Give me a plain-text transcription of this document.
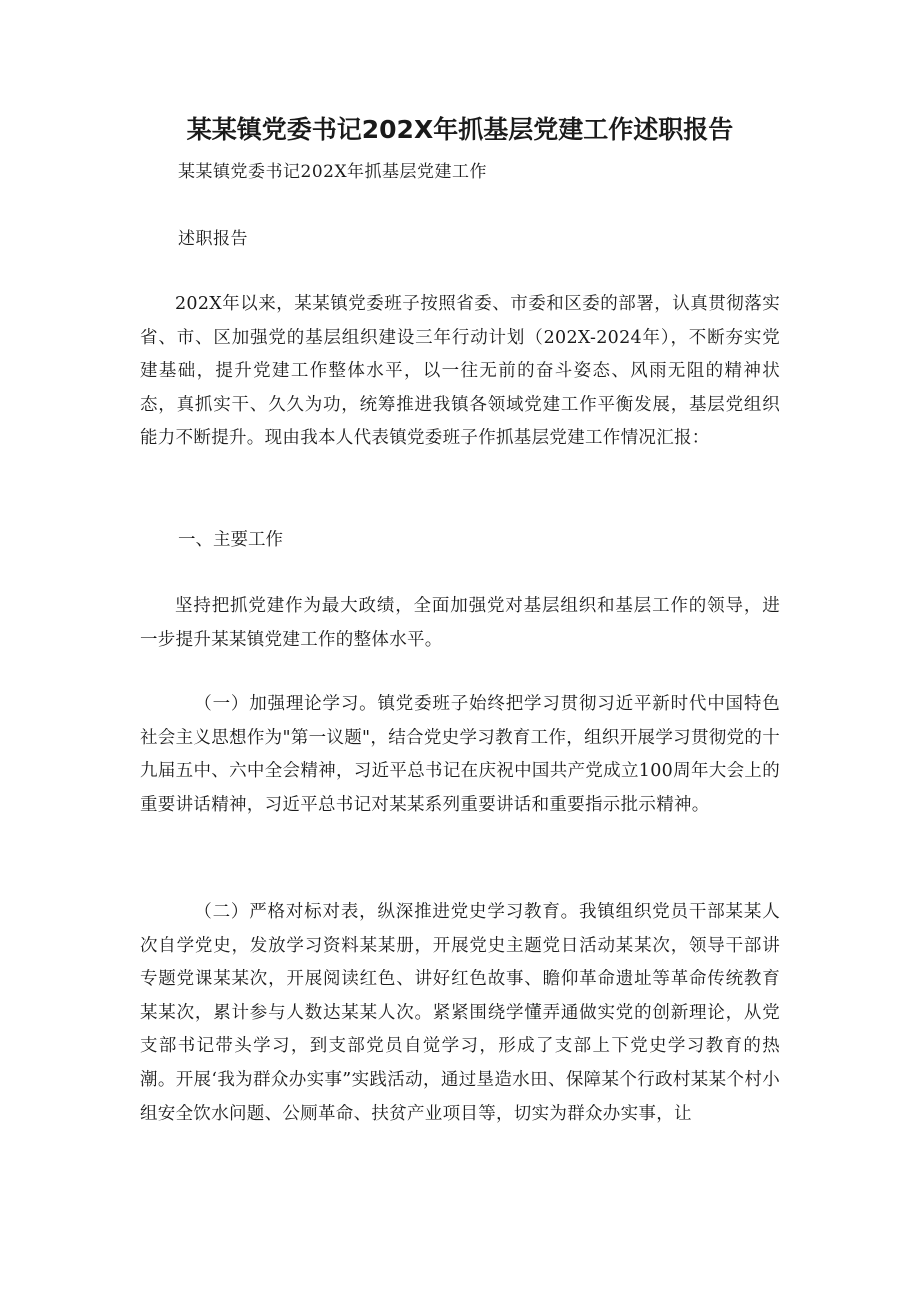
某某镇党委书记202X年抓基层党建工作述职报告

某某镇党委书记202X年抓基层党建工作

述职报告

202X年以来，某某镇党委班子按照省委、市委和区委的部署，认真贯彻落实省、市、区加强党的基层组织建设三年行动计划（202X-2024年），不断夯实党建基础，提升党建工作整体水平，以一往无前的奋斗姿态、风雨无阻的精神状态，真抓实干、久久为功，统筹推进我镇各领域党建工作平衡发展，基层党组织能力不断提升。现由我本人代表镇党委班子作抓基层党建工作情况汇报：

一、主要工作

坚持把抓党建作为最大政绩，全面加强党对基层组织和基层工作的领导，进一步提升某某镇党建工作的整体水平。

（一）加强理论学习。镇党委班子始终把学习贯彻习近平新时代中国特色社会主义思想作为"第一议题"，结合党史学习教育工作，组织开展学习贯彻党的十九届五中、六中全会精神，习近平总书记在庆祝中国共产党成立100周年大会上的重要讲话精神，习近平总书记对某某系列重要讲话和重要指示批示精神。

（二）严格对标对表，纵深推进党史学习教育。我镇组织党员干部某某人次自学党史，发放学习资料某某册，开展党史主题党日活动某某次，领导干部讲专题党课某某次，开展阅读红色、讲好红色故事、瞻仰革命遗址等革命传统教育某某次，累计参与人数达某某人次。紧紧围绕学懂弄通做实党的创新理论，从党支部书记带头学习，到支部党员自觉学习，形成了支部上下党史学习教育的热潮。开展‘我为群众办实事”实践活动，通过垦造水田、保障某个行政村某某个村小组安全饮水问题、公厕革命、扶贫产业项目等，切实为群众办实事，让
